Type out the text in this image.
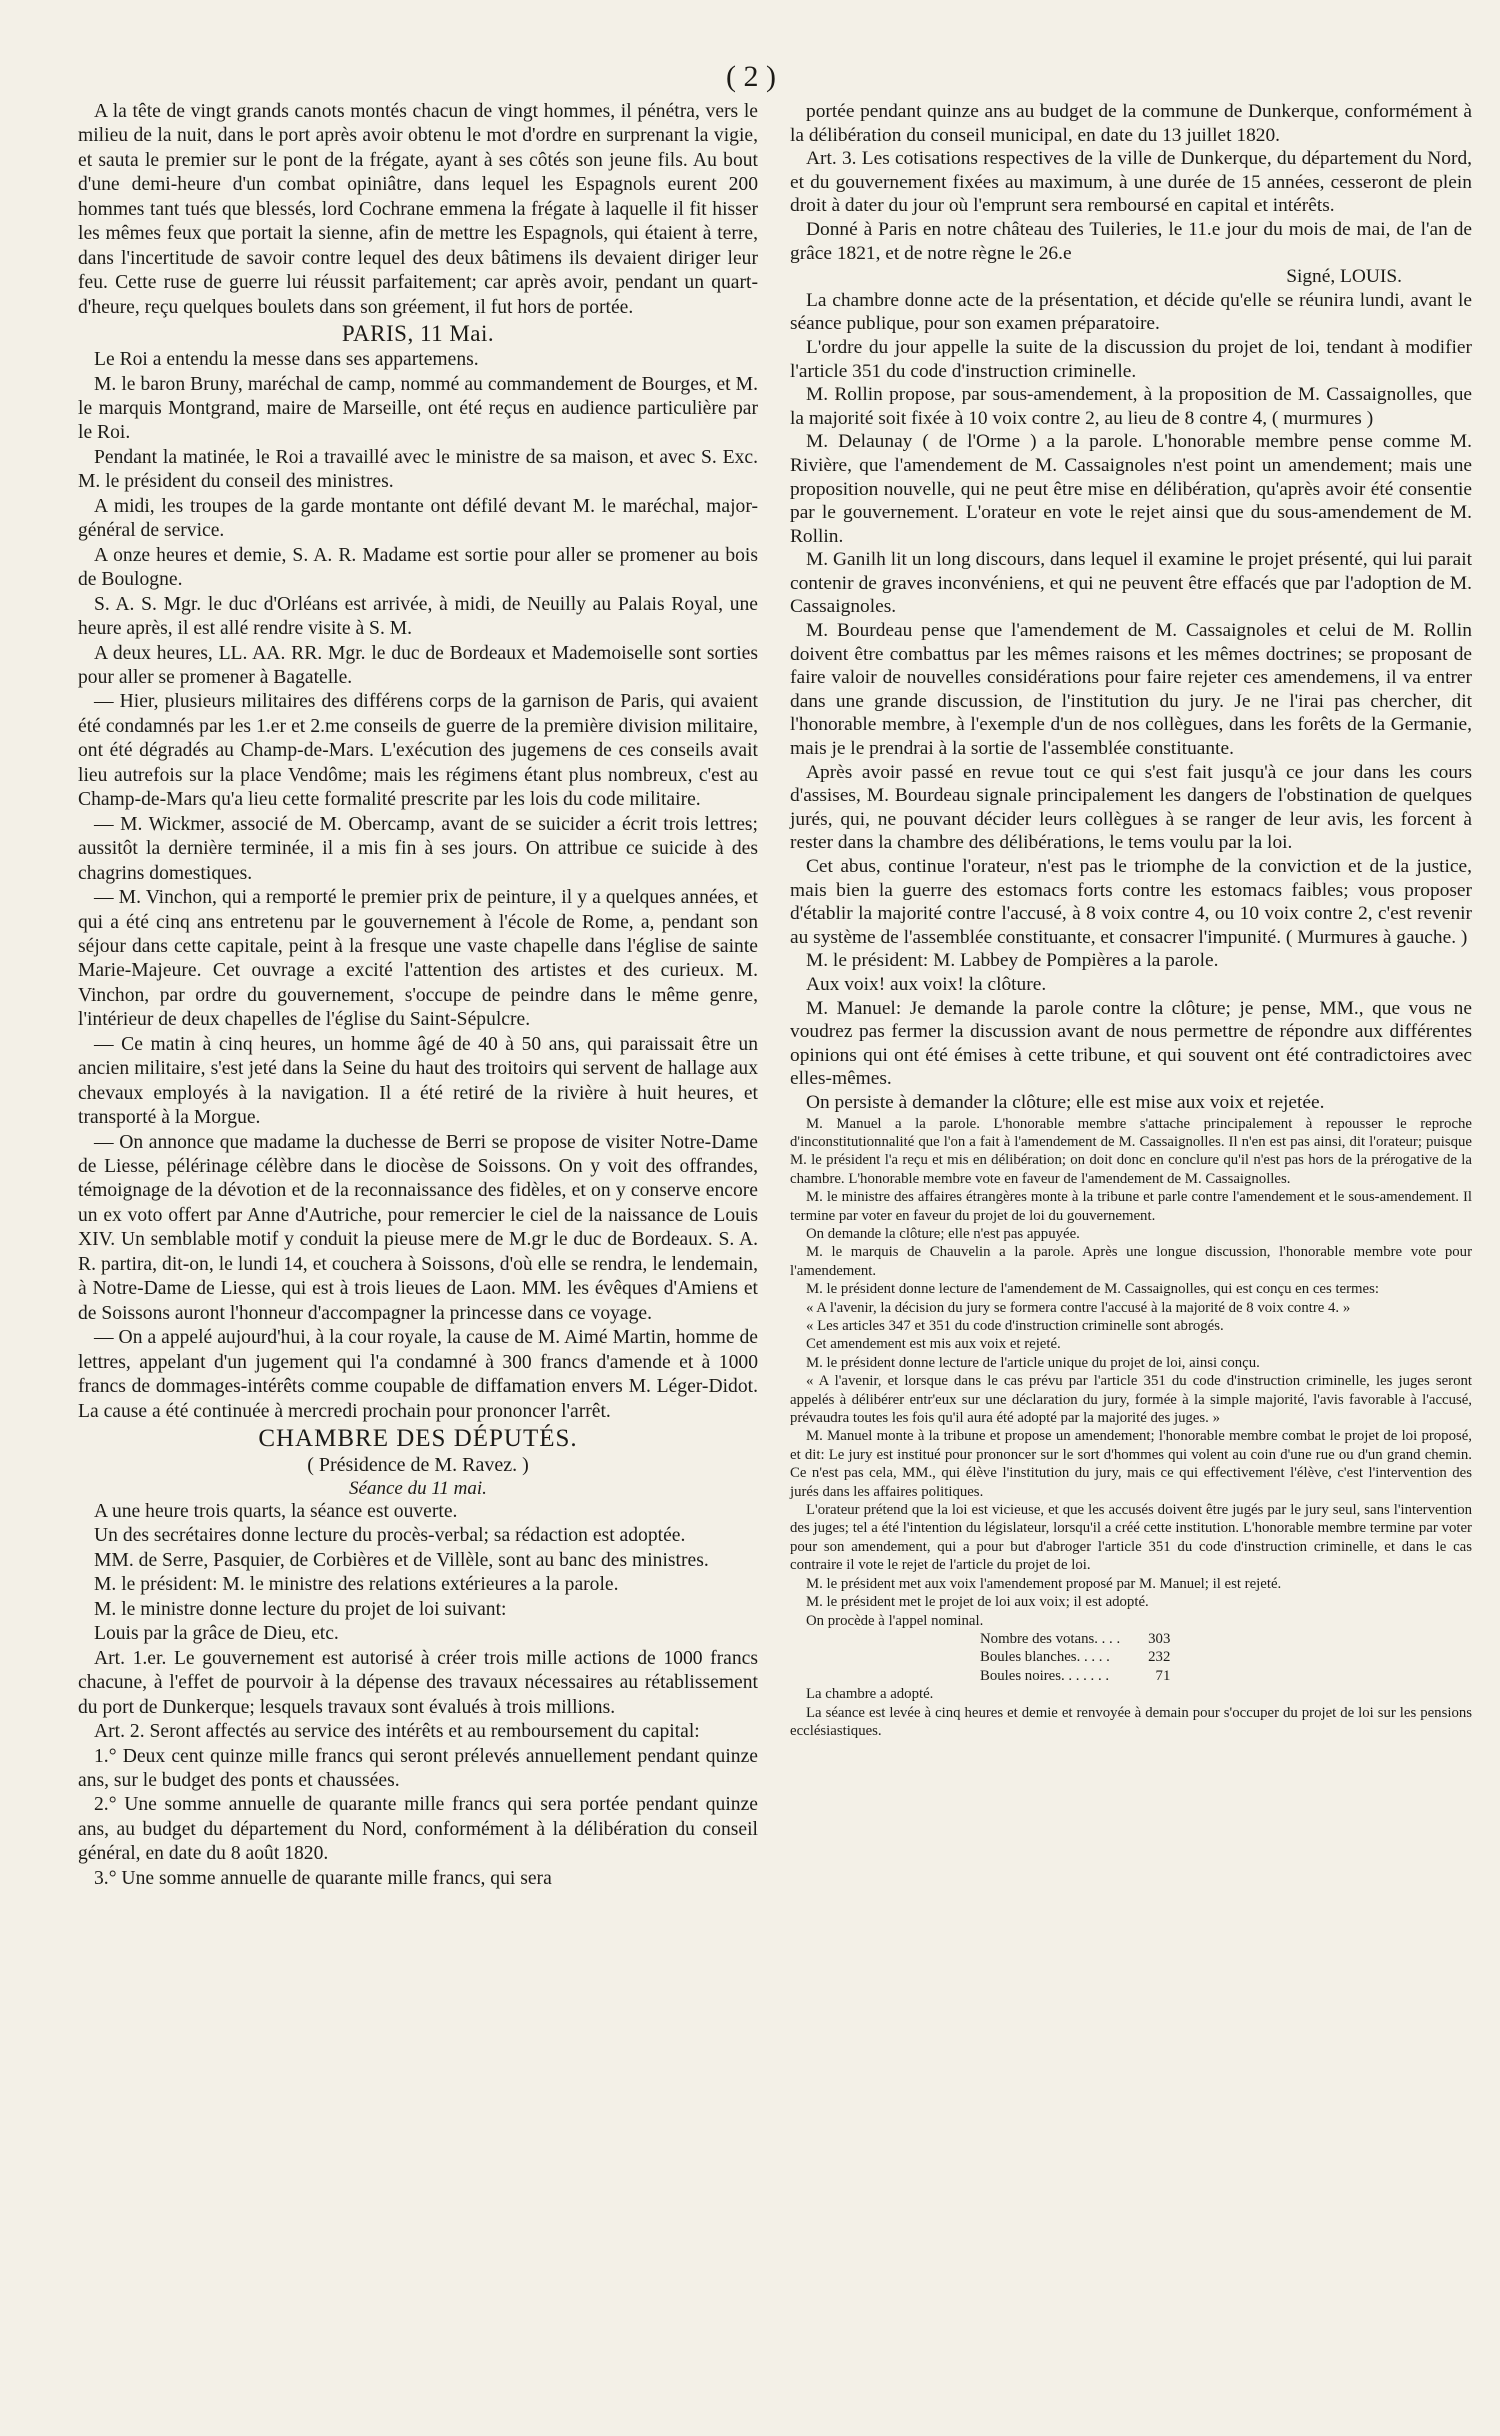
( 2 )

A la tête de vingt grands canots montés chacun de vingt hommes, il pénétra, vers le milieu de la nuit, dans le port après avoir obtenu le mot d'ordre en surprenant la vigie, et sauta le premier sur le pont de la frégate, ayant à ses côtés son jeune fils. Au bout d'une demi-heure d'un combat opiniâtre, dans lequel les Espagnols eurent 200 hommes tant tués que blessés, lord Cochrane emmena la frégate à laquelle il fit hisser les mêmes feux que portait la sienne, afin de mettre les Espagnols, qui étaient à terre, dans l'incertitude de savoir contre lequel des deux bâtimens ils devaient diriger leur feu. Cette ruse de guerre lui réussit parfaitement; car après avoir, pendant un quart-d'heure, reçu quelques boulets dans son gréement, il fut hors de portée.

PARIS, 11 Mai.

Le Roi a entendu la messe dans ses appartemens.

M. le baron Bruny, maréchal de camp, nommé au commandement de Bourges, et M. le marquis Montgrand, maire de Marseille, ont été reçus en audience particulière par le Roi.

Pendant la matinée, le Roi a travaillé avec le ministre de sa maison, et avec S. Exc. M. le président du conseil des ministres.

A midi, les troupes de la garde montante ont défilé devant M. le maréchal, major-général de service.

A onze heures et demie, S. A. R. Madame est sortie pour aller se promener au bois de Boulogne.

S. A. S. Mgr. le duc d'Orléans est arrivée, à midi, de Neuilly au Palais Royal, une heure après, il est allé rendre visite à S. M.

A deux heures, LL. AA. RR. Mgr. le duc de Bordeaux et Mademoiselle sont sorties pour aller se promener à Bagatelle.

— Hier, plusieurs militaires des différens corps de la garnison de Paris, qui avaient été condamnés par les 1.er et 2.me conseils de guerre de la première division militaire, ont été dégradés au Champ-de-Mars. L'exécution des jugemens de ces conseils avait lieu autrefois sur la place Vendôme; mais les régimens étant plus nombreux, c'est au Champ-de-Mars qu'a lieu cette formalité prescrite par les lois du code militaire.

— M. Wickmer, associé de M. Obercamp, avant de se suicider a écrit trois lettres; aussitôt la dernière terminée, il a mis fin à ses jours. On attribue ce suicide à des chagrins domestiques.

— M. Vinchon, qui a remporté le premier prix de peinture, il y a quelques années, et qui a été cinq ans entretenu par le gouvernement à l'école de Rome, a, pendant son séjour dans cette capitale, peint à la fresque une vaste chapelle dans l'église de sainte Marie-Majeure. Cet ouvrage a excité l'attention des artistes et des curieux. M. Vinchon, par ordre du gouvernement, s'occupe de peindre dans le même genre, l'intérieur de deux chapelles de l'église du Saint-Sépulcre.

— Ce matin à cinq heures, un homme âgé de 40 à 50 ans, qui paraissait être un ancien militaire, s'est jeté dans la Seine du haut des troitoirs qui servent de hallage aux chevaux employés à la navigation. Il a été retiré de la rivière à huit heures, et transporté à la Morgue.

— On annonce que madame la duchesse de Berri se propose de visiter Notre-Dame de Liesse, pélérinage célèbre dans le diocèse de Soissons. On y voit des offrandes, témoignage de la dévotion et de la reconnaissance des fidèles, et on y conserve encore un ex voto offert par Anne d'Autriche, pour remercier le ciel de la naissance de Louis XIV. Un semblable motif y conduit la pieuse mere de M.gr le duc de Bordeaux. S. A. R. partira, dit-on, le lundi 14, et couchera à Soissons, d'où elle se rendra, le lendemain, à Notre-Dame de Liesse, qui est à trois lieues de Laon. MM. les évêques d'Amiens et de Soissons auront l'honneur d'accompagner la princesse dans ce voyage.

— On a appelé aujourd'hui, à la cour royale, la cause de M. Aimé Martin, homme de lettres, appelant d'un jugement qui l'a condamné à 300 francs d'amende et à 1000 francs de dommages-intérêts comme coupable de diffamation envers M. Léger-Didot. La cause a été continuée à mercredi prochain pour prononcer l'arrêt.

CHAMBRE DES DÉPUTÉS.

( Présidence de M. Ravez. )

Séance du 11 mai.

A une heure trois quarts, la séance est ouverte.

Un des secrétaires donne lecture du procès-verbal; sa rédaction est adoptée.

MM. de Serre, Pasquier, de Corbières et de Villèle, sont au banc des ministres.

M. le président: M. le ministre des relations extérieures a la parole.

M. le ministre donne lecture du projet de loi suivant:

Louis par la grâce de Dieu, etc.

Art. 1.er. Le gouvernement est autorisé à créer trois mille actions de 1000 francs chacune, à l'effet de pourvoir à la dépense des travaux nécessaires au rétablissement du port de Dunkerque; lesquels travaux sont évalués à trois millions.

Art. 2. Seront affectés au service des intérêts et au remboursement du capital:

1.° Deux cent quinze mille francs qui seront prélevés annuellement pendant quinze ans, sur le budget des ponts et chaussées.

2.° Une somme annuelle de quarante mille francs qui sera portée pendant quinze ans, au budget du département du Nord, conformément à la délibération du conseil général, en date du 8 août 1820.

3.° Une somme annuelle de quarante mille francs, qui sera

portée pendant quinze ans au budget de la commune de Dunkerque, conformément à la délibération du conseil municipal, en date du 13 juillet 1820.

Art. 3. Les cotisations respectives de la ville de Dunkerque, du département du Nord, et du gouvernement fixées au maximum, à une durée de 15 années, cesseront de plein droit à dater du jour où l'emprunt sera remboursé en capital et intérêts.

Donné à Paris en notre château des Tuileries, le 11.e jour du mois de mai, de l'an de grâce 1821, et de notre règne le 26.e

Signé, LOUIS.

La chambre donne acte de la présentation, et décide qu'elle se réunira lundi, avant le séance publique, pour son examen préparatoire.

L'ordre du jour appelle la suite de la discussion du projet de loi, tendant à modifier l'article 351 du code d'instruction criminelle.

M. Rollin propose, par sous-amendement, à la proposition de M. Cassaignolles, que la majorité soit fixée à 10 voix contre 2, au lieu de 8 contre 4, ( murmures )

M. Delaunay ( de l'Orme ) a la parole. L'honorable membre pense comme M. Rivière, que l'amendement de M. Cassaignoles n'est point un amendement; mais une proposition nouvelle, qui ne peut être mise en délibération, qu'après avoir été consentie par le gouvernement. L'orateur en vote le rejet ainsi que du sous-amendement de M. Rollin.

M. Ganilh lit un long discours, dans lequel il examine le projet présenté, qui lui parait contenir de graves inconvéniens, et qui ne peuvent être effacés que par l'adoption de M. Cassaignoles.

M. Bourdeau pense que l'amendement de M. Cassaignoles et celui de M. Rollin doivent être combattus par les mêmes raisons et les mêmes doctrines; se proposant de faire valoir de nouvelles considérations pour faire rejeter ces amendemens, il va entrer dans une grande discussion, de l'institution du jury. Je ne l'irai pas chercher, dit l'honorable membre, à l'exemple d'un de nos collègues, dans les forêts de la Germanie, mais je le prendrai à la sortie de l'assemblée constituante.

Après avoir passé en revue tout ce qui s'est fait jusqu'à ce jour dans les cours d'assises, M. Bourdeau signale principalement les dangers de l'obstination de quelques jurés, qui, ne pouvant décider leurs collègues à se ranger de leur avis, les forcent à rester dans la chambre des délibérations, le tems voulu par la loi.

Cet abus, continue l'orateur, n'est pas le triomphe de la conviction et de la justice, mais bien la guerre des estomacs forts contre les estomacs faibles; vous proposer d'établir la majorité contre l'accusé, à 8 voix contre 4, ou 10 voix contre 2, c'est revenir au système de l'assemblée constituante, et consacrer l'impunité. ( Murmures à gauche. )

M. le président: M. Labbey de Pompières a la parole.

Aux voix! aux voix! la clôture.

M. Manuel: Je demande la parole contre la clôture; je pense, MM., que vous ne voudrez pas fermer la discussion avant de nous permettre de répondre aux différentes opinions qui ont été émises à cette tribune, et qui souvent ont été contradictoires avec elles-mêmes.

On persiste à demander la clôture; elle est mise aux voix et rejetée.

M. Manuel a la parole. L'honorable membre s'attache principalement à repousser le reproche d'inconstitutionnalité que l'on a fait à l'amendement de M. Cassaignolles. Il n'en est pas ainsi, dit l'orateur; puisque M. le président l'a reçu et mis en délibération; on doit donc en conclure qu'il n'est pas hors de la prérogative de la chambre. L'honorable membre vote en faveur de l'amendement de M. Cassaignolles.

M. le ministre des affaires étrangères monte à la tribune et parle contre l'amendement et le sous-amendement. Il termine par voter en faveur du projet de loi du gouvernement.

On demande la clôture; elle n'est pas appuyée.

M. le marquis de Chauvelin a la parole. Après une longue discussion, l'honorable membre vote pour l'amendement.

M. le président donne lecture de l'amendement de M. Cassaignolles, qui est conçu en ces termes:

« A l'avenir, la décision du jury se formera contre l'accusé à la majorité de 8 voix contre 4. »

« Les articles 347 et 351 du code d'instruction criminelle sont abrogés.

Cet amendement est mis aux voix et rejeté.

M. le président donne lecture de l'article unique du projet de loi, ainsi conçu.

« A l'avenir, et lorsque dans le cas prévu par l'article 351 du code d'instruction criminelle, les juges seront appelés à délibérer entr'eux sur une déclaration du jury, formée à la simple majorité, l'avis favorable à l'accusé, prévaudra toutes les fois qu'il aura été adopté par la majorité des juges. »

M. Manuel monte à la tribune et propose un amendement; l'honorable membre combat le projet de loi proposé, et dit: Le jury est institué pour prononcer sur le sort d'hommes qui volent au coin d'une rue ou d'un grand chemin. Ce n'est pas cela, MM., qui élève l'institution du jury, mais ce qui effectivement l'élève, c'est l'intervention des jurés dans les affaires politiques.

L'orateur prétend que la loi est vicieuse, et que les accusés doivent être jugés par le jury seul, sans l'intervention des juges; tel a été l'intention du législateur, lorsqu'il a créé cette institution. L'honorable membre termine par voter pour son amendement, qui a pour but d'abroger l'article 351 du code d'instruction criminelle, et dans le cas contraire il vote le rejet de l'article du projet de loi.

M. le président met aux voix l'amendement proposé par M. Manuel; il est rejeté.

M. le président met le projet de loi aux voix; il est adopté.

On procède à l'appel nominal.

Nombre des votans. . . .	303
Boules blanches. . . . .	232
Boules noires. . . . . . .	71

La chambre a adopté.

La séance est levée à cinq heures et demie et renvoyée à demain pour s'occuper du projet de loi sur les pensions ecclésiastiques.
